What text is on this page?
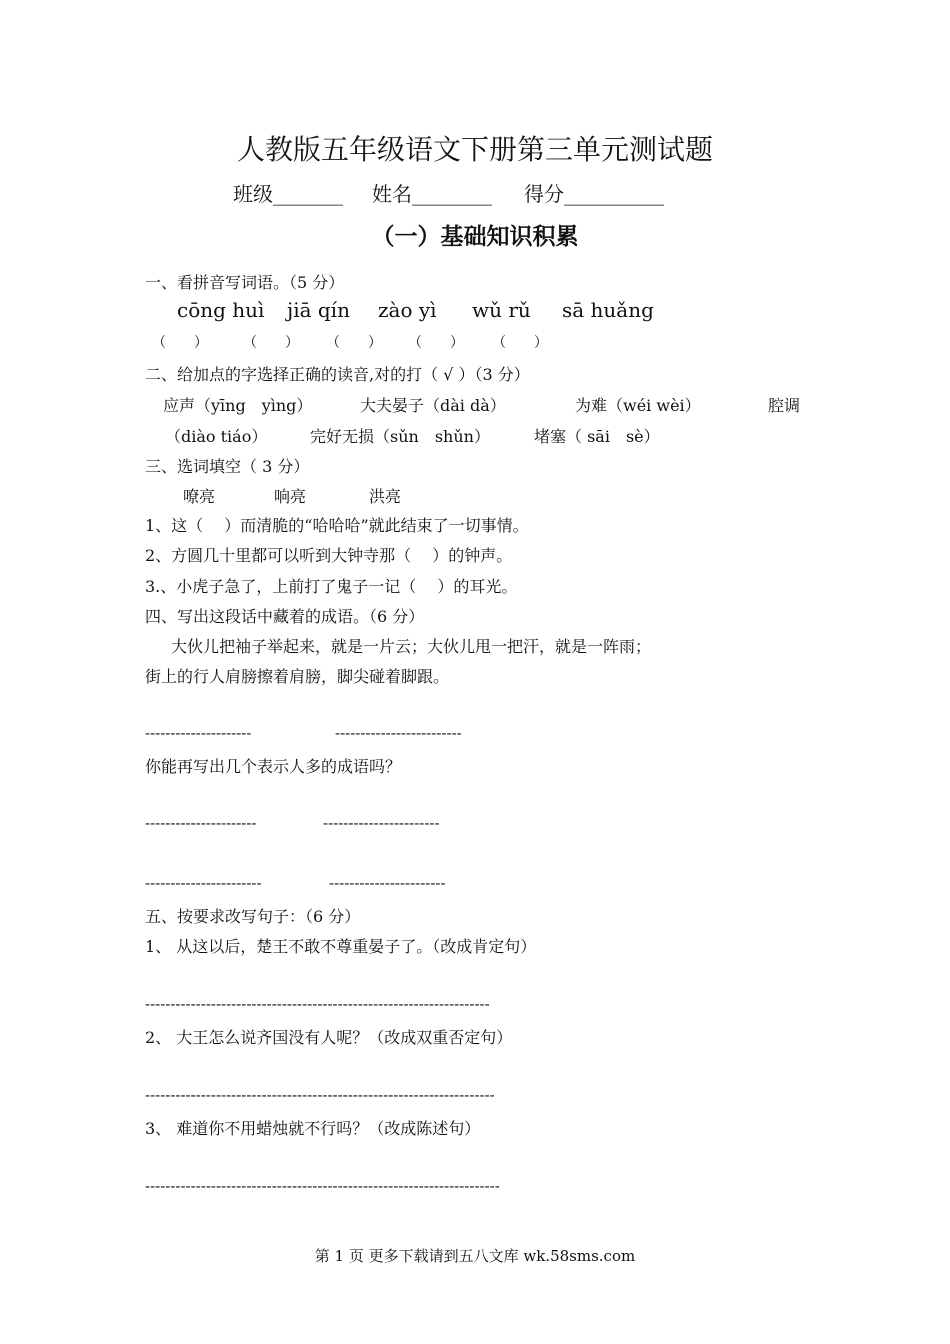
人教版五年级语文下册第三单元测试题
班级_______ 姓名________ 得分__________
（一）基础知识积累
一、看拼音写词语。（5 分）
cōng huì jiā qín zào yì wǔ rǔ sā huǎng
（　　）	（　　） （　　） （　　） （　　）
二、给加点的字选择正确的读音,对的打（ √ ）（3 分）
应声（yīng　yìng）	大夫晏子（dài dà）	为难（wéi wèi）	腔调
（diào tiáo）	完好无损（sǔn　shǔn）	堵塞（ sāi　sè）
三、选词填空（ 3 分）
嘹亮	响亮	洪亮
1、这（　 ）而清脆的“哈哈哈”就此结束了一切事情。
2、方圆几十里都可以听到大钟寺那（　 ）的钟声。
3.、小虎子急了，上前打了鬼子一记（　 ）的耳光。
四、写出这段话中藏着的成语。（6 分）
大伙儿把袖子举起来，就是一片云；大伙儿甩一把汗，就是一阵雨；
街上的行人肩膀擦着肩膀，脚尖碰着脚跟。
---------------------	-------------------------
你能再写出几个表示人多的成语吗？
----------------------	-----------------------
-----------------------	-----------------------
五、按要求改写句子：（6 分）
1、 从这以后，楚王不敢不尊重晏子了。（改成肯定句）
--------------------------------------------------------------------
2、 大王怎么说齐国没有人呢？（改成双重否定句）
---------------------------------------------------------------------
3、 难道你不用蜡烛就不行吗？（改成陈述句）
----------------------------------------------------------------------
第 1 页 更多下载请到五八文库 wk.58sms.com
